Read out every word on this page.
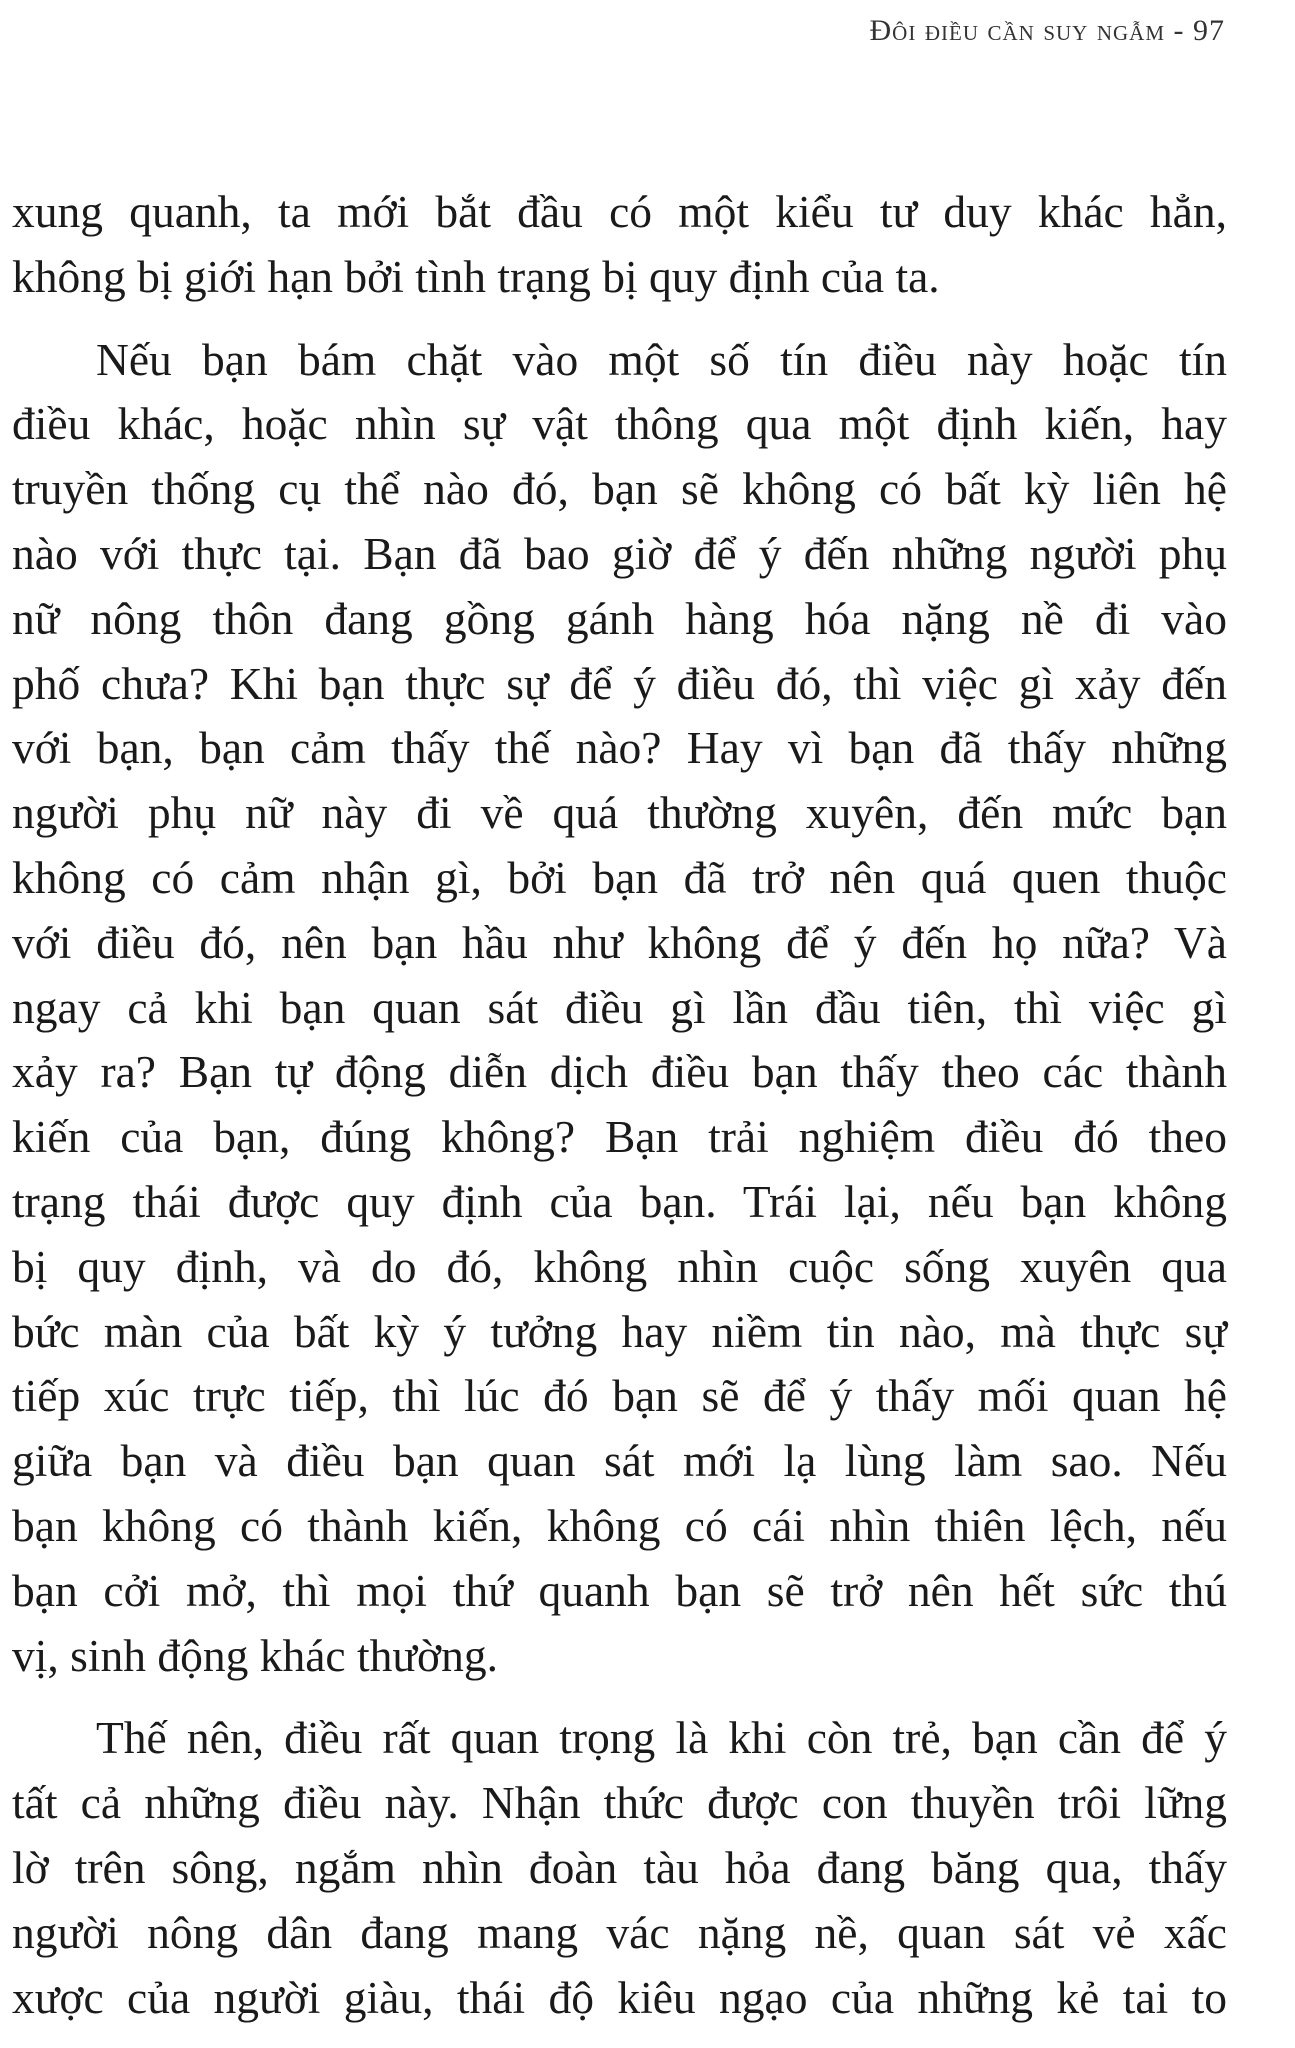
Đôi điều cần suy ngẫm - 97

xung quanh, ta mới bắt đầu có một kiểu tư duy khác hẳn,
không bị giới hạn bởi tình trạng bị quy định của ta.

Nếu bạn bám chặt vào một số tín điều này hoặc tín
điều khác, hoặc nhìn sự vật thông qua một định kiến, hay
truyền thống cụ thể nào đó, bạn sẽ không có bất kỳ liên hệ
nào với thực tại. Bạn đã bao giờ để ý đến những người phụ
nữ nông thôn đang gồng gánh hàng hóa nặng nề đi vào
phố chưa? Khi bạn thực sự để ý điều đó, thì việc gì xảy đến
với bạn, bạn cảm thấy thế nào? Hay vì bạn đã thấy những
người phụ nữ này đi về quá thường xuyên, đến mức bạn
không có cảm nhận gì, bởi bạn đã trở nên quá quen thuộc
với điều đó, nên bạn hầu như không để ý đến họ nữa? Và
ngay cả khi bạn quan sát điều gì lần đầu tiên, thì việc gì
xảy ra? Bạn tự động diễn dịch điều bạn thấy theo các thành
kiến của bạn, đúng không? Bạn trải nghiệm điều đó theo
trạng thái được quy định của bạn. Trái lại, nếu bạn không
bị quy định, và do đó, không nhìn cuộc sống xuyên qua
bức màn của bất kỳ ý tưởng hay niềm tin nào, mà thực sự
tiếp xúc trực tiếp, thì lúc đó bạn sẽ để ý thấy mối quan hệ
giữa bạn và điều bạn quan sát mới lạ lùng làm sao. Nếu
bạn không có thành kiến, không có cái nhìn thiên lệch, nếu
bạn cởi mở, thì mọi thứ quanh bạn sẽ trở nên hết sức thú
vị, sinh động khác thường.

Thế nên, điều rất quan trọng là khi còn trẻ, bạn cần để ý
tất cả những điều này. Nhận thức được con thuyền trôi lững
lờ trên sông, ngắm nhìn đoàn tàu hỏa đang băng qua, thấy
người nông dân đang mang vác nặng nề, quan sát vẻ xấc
xược của người giàu, thái độ kiêu ngạo của những kẻ tai to
